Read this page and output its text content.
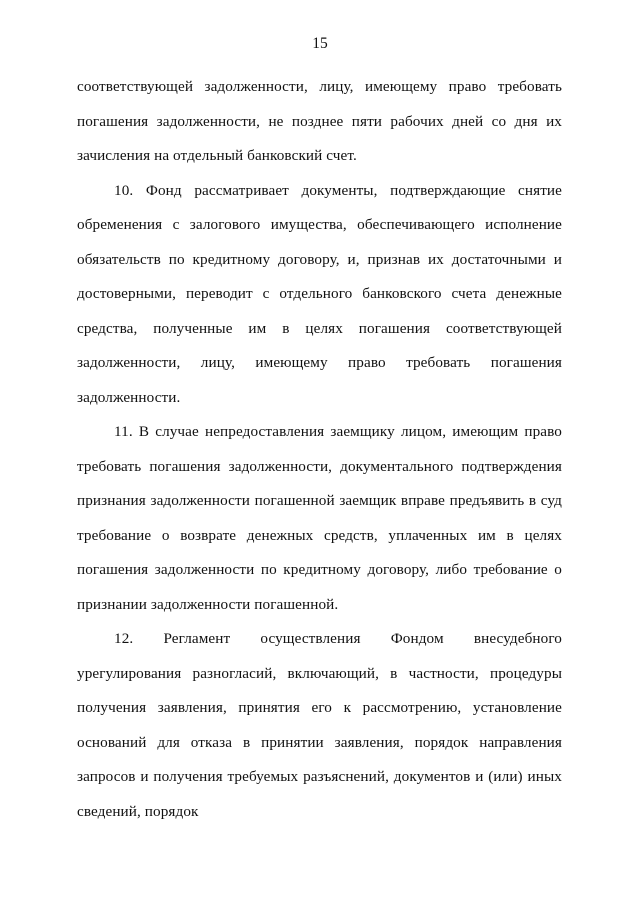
15

соответствующей задолженности, лицу, имеющему право требовать погашения задолженности, не позднее пяти рабочих дней со дня их зачисления на отдельный банковский счет.

10. Фонд рассматривает документы, подтверждающие снятие обременения с залогового имущества, обеспечивающего исполнение обязательств по кредитному договору, и, признав их достаточными и достоверными, переводит с отдельного банковского счета денежные средства, полученные им в целях погашения соответствующей задолженности, лицу, имеющему право требовать погашения задолженности.

11. В случае непредоставления заемщику лицом, имеющим право требовать погашения задолженности, документального подтверждения признания задолженности погашенной заемщик вправе предъявить в суд требование о возврате денежных средств, уплаченных им в целях погашения задолженности по кредитному договору, либо требование о признании задолженности погашенной.

12. Регламент осуществления Фондом внесудебного урегулирования разногласий, включающий, в частности, процедуры получения заявления, принятия его к рассмотрению, установление оснований для отказа в принятии заявления, порядок направления запросов и получения требуемых разъяснений, документов и (или) иных сведений, порядок
